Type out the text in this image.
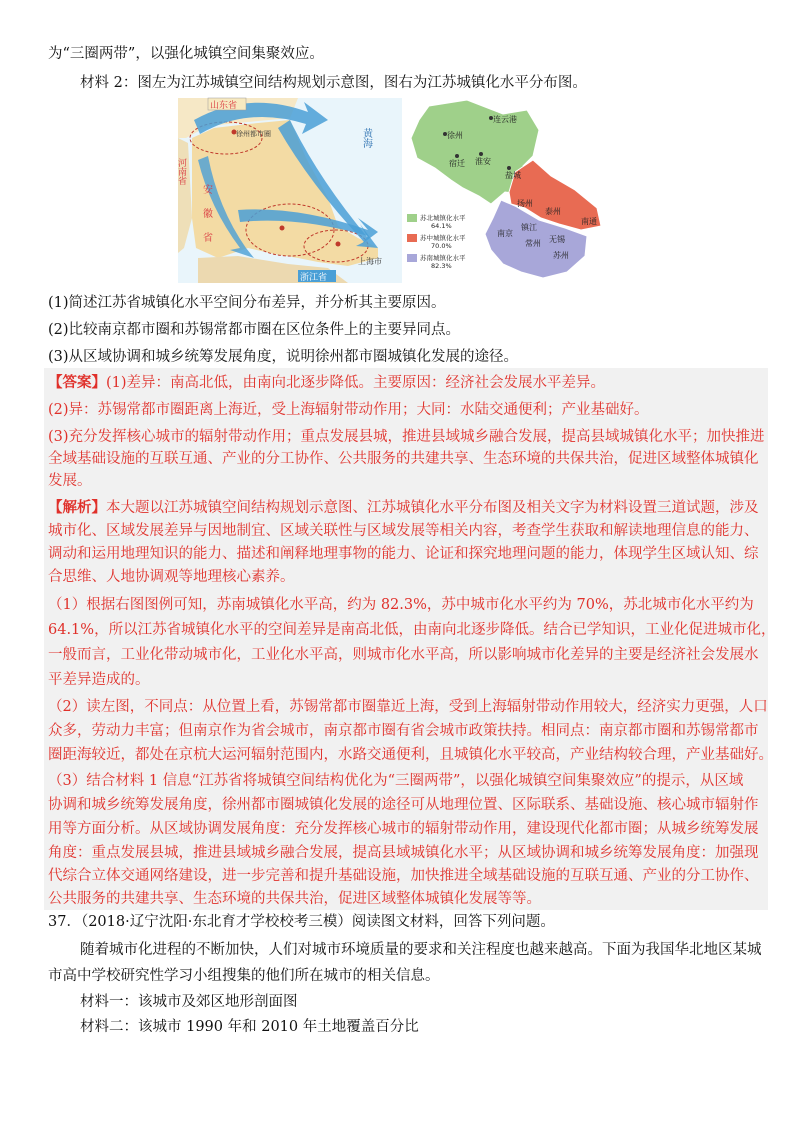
为“三圈两带”，以强化城镇空间集聚效应。
材料 2：图左为江苏城镇空间结构规划示意图，图右为江苏城镇化水平分布图。
山东省
河南省
安徽省
徐州都市圈	黄海
上海市
浙江省
连云港
徐州
宿迁 淮安
盐城
扬州
泰州
南通
南京
镇江
常州 无锡
苏州
苏北城镇化水平
64.1%
苏中城镇化水平
70.0%
苏南城镇化水平
82.3%
(1)简述江苏省城镇化水平空间分布差异，并分析其主要原因。
(2)比较南京都市圈和苏锡常都市圈在区位条件上的主要异同点。
(3)从区域协调和城乡统筹发展角度，说明徐州都市圈城镇化发展的途径。
【答案】(1)差异：南高北低，由南向北逐步降低。主要原因：经济社会发展水平差异。
(2)异：苏锡常都市圈距离上海近，受上海辐射带动作用；大同：水陆交通便利；产业基础好。
(3)充分发挥核心城市的辐射带动作用；重点发展县城，推进县域城乡融合发展，提高县域城镇化水平；加快推进
全域基础设施的互联互通、产业的分工协作、公共服务的共建共享、生态环境的共保共治，促进区域整体城镇化
发展。
【解析】本大题以江苏城镇空间结构规划示意图、江苏城镇化水平分布图及相关文字为材料设置三道试题，涉及
城市化、区域发展差异与因地制宜、区域关联性与区域发展等相关内容，考查学生获取和解读地理信息的能力、
调动和运用地理知识的能力、描述和阐释地理事物的能力、论证和探究地理问题的能力，体现学生区域认知、综
合思维、人地协调观等地理核心素养。
（1）根据右图图例可知，苏南城镇化水平高，约为 82.3%，苏中城市化水平约为 70%，苏北城市化水平约为
64.1%，所以江苏省城镇化水平的空间差异是南高北低，由南向北逐步降低。结合已学知识，工业化促进城市化，
一般而言，工业化带动城市化，工业化水平高，则城市化水平高，所以影响城市化差异的主要是经济社会发展水
平差异造成的。
（2）读左图，不同点：从位置上看，苏锡常都市圈靠近上海，受到上海辐射带动作用较大，经济实力更强，人口
众多，劳动力丰富；但南京作为省会城市，南京都市圈有省会城市政策扶持。相同点：南京都市圈和苏锡常都市
圈距海较近，都处在京杭大运河辐射范围内，水路交通便利，且城镇化水平较高，产业结构较合理，产业基础好。
（3）结合材料 1 信息“江苏省将城镇空间结构优化为“三圈两带”，以强化城镇空间集聚效应”的提示，从区域
协调和城乡统筹发展角度，徐州都市圈城镇化发展的途径可从地理位置、区际联系、基础设施、核心城市辐射作
用等方面分析。从区域协调发展角度：充分发挥核心城市的辐射带动作用，建设现代化都市圈；从城乡统筹发展
角度：重点发展县城，推进县域城乡融合发展，提高县域城镇化水平；从区域协调和城乡统筹发展角度：加强现
代综合立体交通网络建设，进一步完善和提升基础设施，加快推进全域基础设施的互联互通、产业的分工协作、
公共服务的共建共享、生态环境的共保共治，促进区域整体城镇化发展等等。
37．（2018·辽宁沈阳·东北育才学校校考三模）阅读图文材料，回答下列问题。
随着城市化进程的不断加快，人们对城市环境质量的要求和关注程度也越来越高。下面为我国华北地区某城
市高中学校研究性学习小组搜集的他们所在城市的相关信息。
材料一：该城市及郊区地形剖面图
材料二：该城市 1990 年和 2010 年土地覆盖百分比
